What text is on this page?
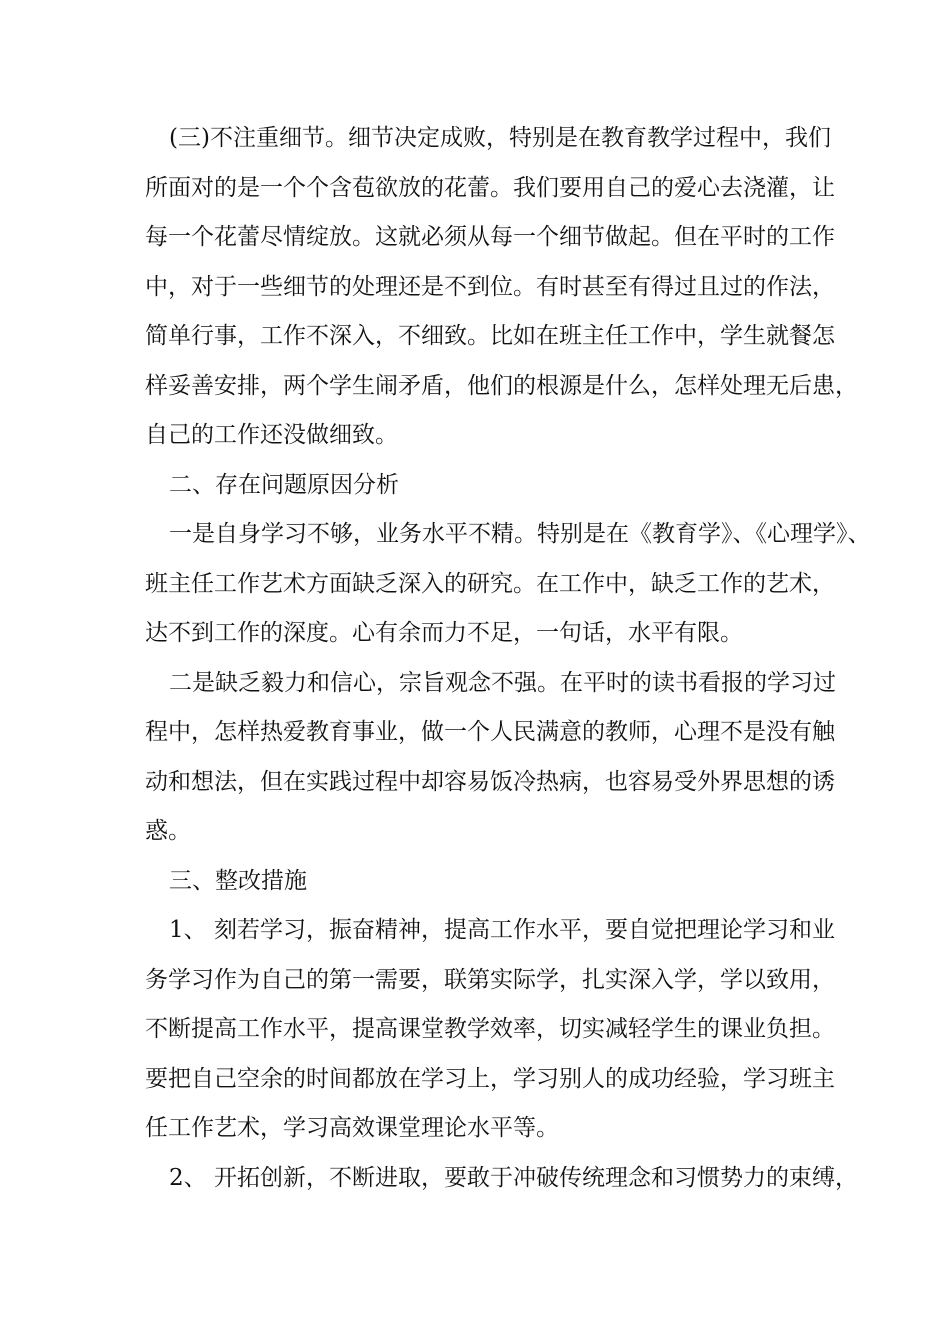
(三)不注重细节。细节决定成败，特别是在教育教学过程中，我们
所面对的是一个个含苞欲放的花蕾。我们要用自己的爱心去浇灌，让
每一个花蕾尽情绽放。这就必须从每一个细节做起。但在平时的工作
中，对于一些细节的处理还是不到位。有时甚至有得过且过的作法，
简单行事，工作不深入，不细致。比如在班主任工作中，学生就餐怎
样妥善安排，两个学生闹矛盾，他们的根源是什么，怎样处理无后患，
自己的工作还没做细致。
二、存在问题原因分析
一是自身学习不够，业务水平不精。特别是在《教育学》、《心理学》、
班主任工作艺术方面缺乏深入的研究。在工作中，缺乏工作的艺术，
达不到工作的深度。心有余而力不足，一句话，水平有限。
二是缺乏毅力和信心，宗旨观念不强。在平时的读书看报的学习过
程中，怎样热爱教育事业，做一个人民满意的教师，心理不是没有触
动和想法，但在实践过程中却容易饭冷热病，也容易受外界思想的诱
惑。
三、整改措施
1、 刻若学习，振奋精神，提高工作水平，要自觉把理论学习和业
务学习作为自己的第一需要，联第实际学，扎实深入学，学以致用，
不断提高工作水平，提高课堂教学效率，切实减轻学生的课业负担。
要把自己空余的时间都放在学习上，学习别人的成功经验，学习班主
任工作艺术，学习高效课堂理论水平等。
2、 开拓创新，不断进取，要敢于冲破传统理念和习惯势力的束缚，
